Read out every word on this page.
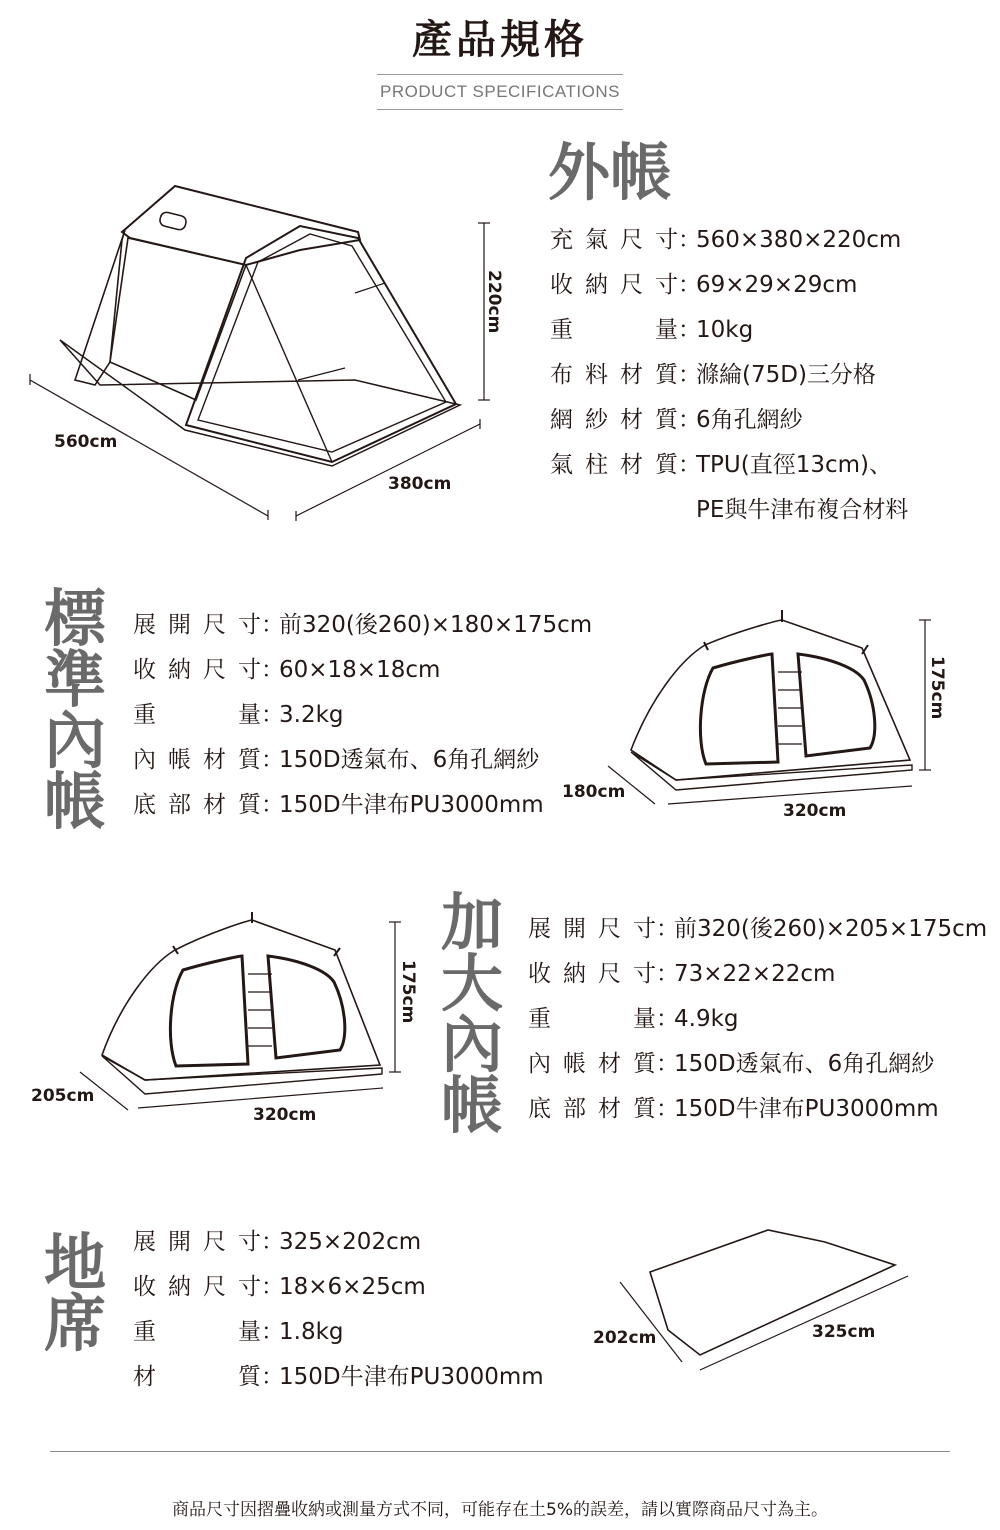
產品規格
PRODUCT SPECIFICATIONS
外帳
充氣尺寸 ：
560×380×220cm
收納尺寸 ：
69×29×29cm
重量 ：
10kg
布料材質 ：
滌綸(75D)三分格
網紗材質 ：
6角孔網紗
氣柱材質 ：
TPU(直徑13cm)、
PE與牛津布複合材料
560cm
380cm
220cm
標
準
內
帳
展開尺寸 ：
前320(後260)×180×175cm
收納尺寸 ：
60×18×18cm
重量 ：
3.2kg
內帳材質 ：
150D透氣布、6角孔網紗
底部材質 ：
150D牛津布PU3000mm 180cm
320cm
175cm
加
大
內
帳
展開尺寸 ：
前320(後260)×205×175cm
收納尺寸 ：
73×22×22cm
重量 ：
4.9kg
內帳材質 ：
150D透氣布、6角孔網紗
底部材質 ：
150D牛津布PU3000mm
205cm
320cm
175cm
地
席
展開尺寸 ：
325×202cm
收納尺寸 ：
18×6×25cm
重量 ：
1.8kg
材質 ：
150D牛津布PU3000mm
202cm	325cm
商品尺寸因摺疊收納或測量方式不同，可能存在土5%的誤差，請以實際商品尺寸為主。
